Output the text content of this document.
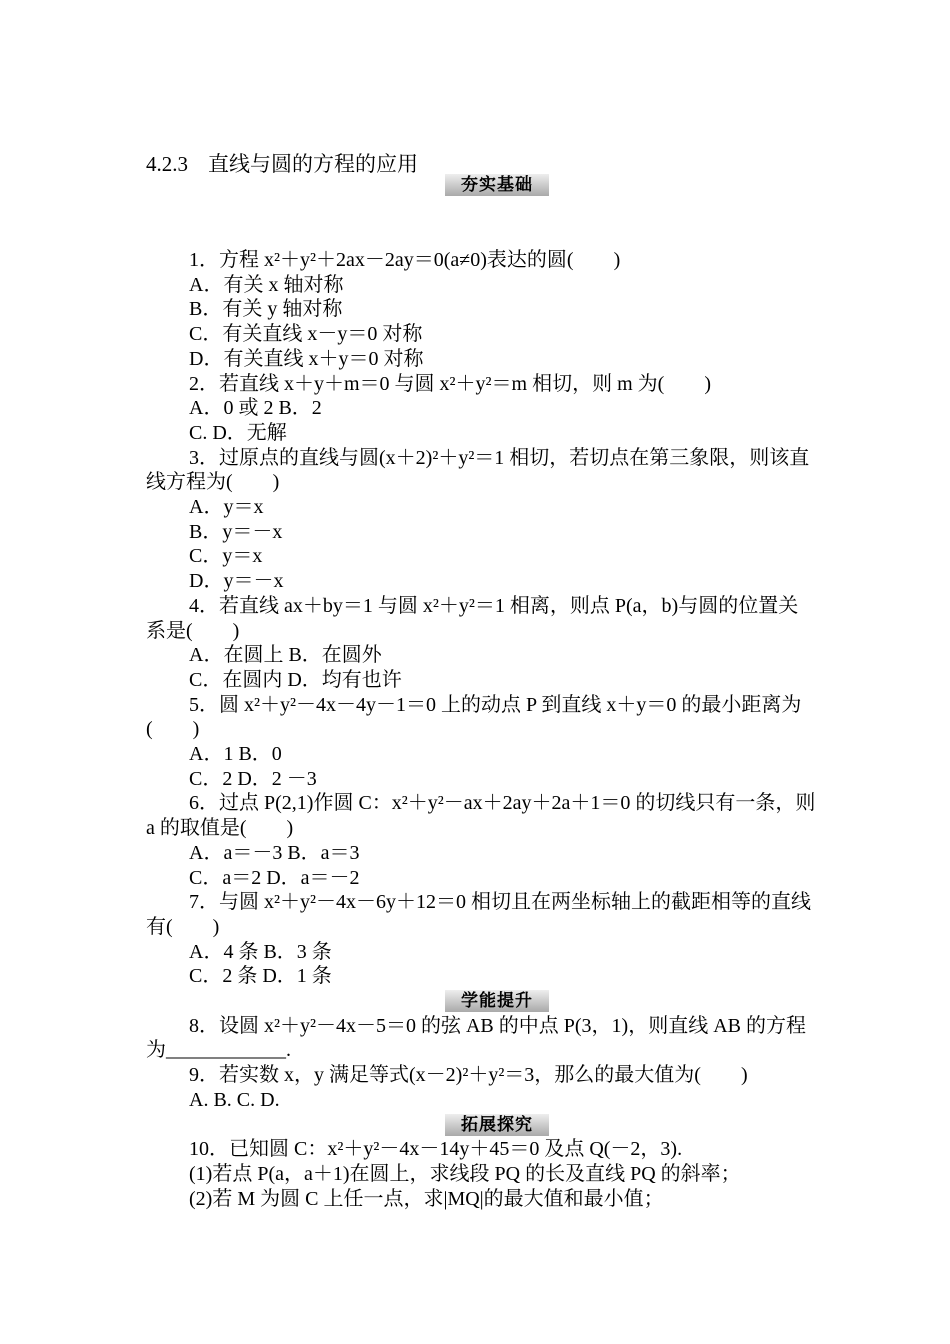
4.2.3 直线与圆的方程的应用
夯实基础

1．方程 x²＋y²＋2ax－2ay＝0(a≠0)表达的圆(　　)

A．有关 x 轴对称

B．有关 y 轴对称

C．有关直线 x－y＝0 对称

D．有关直线 x＋y＝0 对称

2．若直线 x＋y＋m＝0 与圆 x²＋y²＝m 相切，则 m 为(　　)

A．0 或 2 B．2

C. D．无解

3．过原点的直线与圆(x＋2)²＋y²＝1 相切，若切点在第三象限，则该直线方程为(　　)

A．y＝x

B．y＝－x

C．y＝x

D．y＝－x

4．若直线 ax＋by＝1 与圆 x²＋y²＝1 相离，则点 P(a，b)与圆的位置关系是(　　)

A．在圆上 B．在圆外

C．在圆内 D．均有也许

5．圆 x²＋y²－4x－4y－1＝0 上的动点 P 到直线 x＋y＝0 的最小距离为(　　)

A．1 B．0

C．2 D．2 －3

6．过点 P(2,1)作圆 C：x²＋y²－ax＋2ay＋2a＋1＝0 的切线只有一条，则 a 的取值是(　　)

A．a＝－3 B．a＝3

C．a＝2 D．a＝－2

7．与圆 x²＋y²－4x－6y＋12＝0 相切且在两坐标轴上的截距相等的直线有(　　)

A．4 条 B．3 条

C．2 条 D．1 条

学能提升

8．设圆 x²＋y²－4x－5＝0 的弦 AB 的中点 P(3，1)，则直线 AB 的方程为____________.

9．若实数 x，y 满足等式(x－2)²＋y²＝3，那么的最大值为(　　)

A. B. C. D.

拓展探究

10．已知圆 C：x²＋y²－4x－14y＋45＝0 及点 Q(－2，3).

(1)若点 P(a，a＋1)在圆上，求线段 PQ 的长及直线 PQ 的斜率；

(2)若 M 为圆 C 上任一点，求|MQ|的最大值和最小值；
